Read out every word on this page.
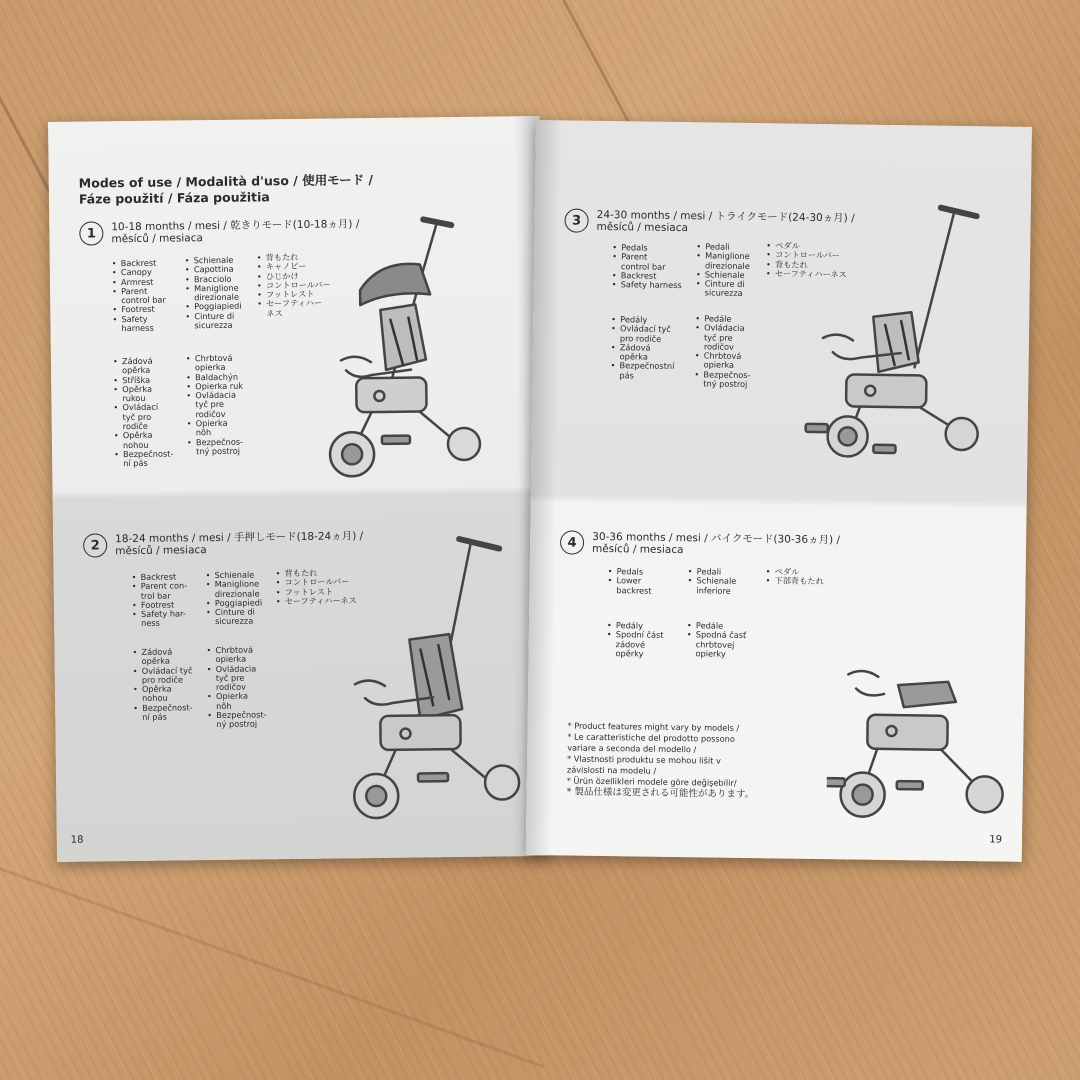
Modes of use / Modalità d'uso / 使用モード /
Fáze použití / Fáza použitia
1
10-18 months / mesi / 乾きりモード(10-18ヵ月) /
měsíců / mesiaca
• Backrest
• Canopy
• Armrest
• Parent
control bar
• Footrest
• Safety
harness
• Schienale
• Capottina
• Bracciolo
• Maniglione
direzionale
• Poggiapiedi
• Cinture di
sicurezza
• 背もたれ
• キャノピー
• ひじかけ
• コントロールバー
• フットレスト
• セーフティハー
ネス
• Zádová
opěrka
• Stříška
• Opěrka
rukou
• Ovládací
tyč pro
rodiče
• Opěrka
nohou
• Bezpečnost-
ní pás
• Chrbtová
opierka
• Baldachýn
• Opierka ruk
• Ovládacia
tyč pre
rodičov
• Opierka
nôh
• Bezpečnos-
tný postroj
2
18-24 months / mesi / 手押しモード(18-24ヵ月) /
měsíců / mesiaca
• Backrest
• Parent con-
trol bar
• Footrest
• Safety har-
ness
• Schienale
• Maniglione
direzionale
• Poggiapiedi
• Cinture di
sicurezza
• 背もたれ
• コントロールバー
• フットレスト
• セーフティハーネス
• Zádová
opěrka
• Ovládací tyč
pro rodiče
• Opěrka
nohou
• Bezpečnost-
ní pás
• Chrbtová
opierka
• Ovládacia
tyč pre
rodičov
• Opierka
nôh
• Bezpečnost-
ný postroj
18
3	24-30 months / mesi / トライクモード(24-30ヵ月) /
měsíců / mesiaca
• Pedals
• Parent
control bar
• Backrest
• Safety harness
• Pedali
• Maniglione
direzionale
• Schienale
• Cinture di
sicurezza
• ペダル
• コントロールバー
• 背もたれ
• セーフティハーネス
• Pedály
• Ovládací tyč
pro rodiče
• Zádová
opěrka
• Bezpečnostní
pás
• Pedále
• Ovládacia
tyč pre
rodičov
• Chrbtová
opierka
• Bezpečnos-
tný postroj
4	30-36 months / mesi / バイクモード(30-36ヵ月) /
měsíců / mesiaca
• Pedals
• Lower
backrest
• Pedali
• Schienale
inferiore
• ペダル
• 下部背もたれ
• Pedály
• Spodní část
zádové
opěrky
• Pedále
• Spodná časť
chrbtovej
opierky
* Product features might vary by models /
* Le caratteristiche del prodotto possono
variare a seconda del modello /
* Vlastnosti produktu se mohou lišit v
závislosti na modelu /
* Ürün özellikleri modele göre değişebilir/
* 製品仕様は変更される可能性があります。
19
